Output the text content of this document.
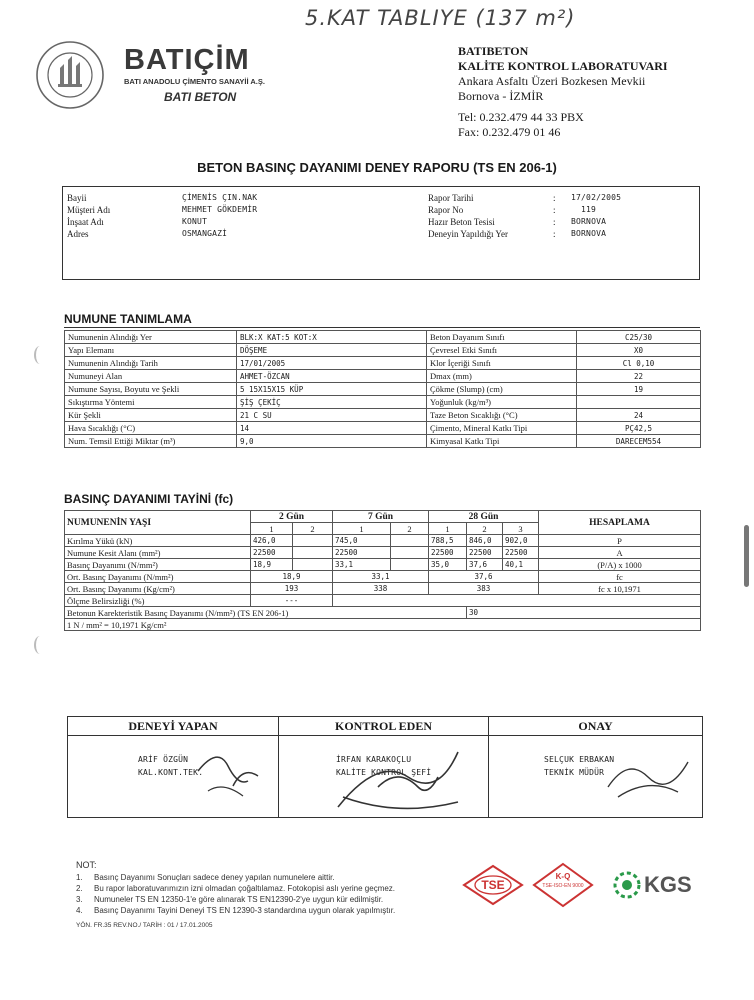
5.KAT TABLIYE (137 m²)
BATIÇİM
BATI ANADOLU ÇİMENTO SANAYİİ A.Ş.
BATI BETON
BATIBETON
KALİTE KONTROL LABORATUVARI
Ankara Asfaltı Üzeri Bozkesen Mevkii
Bornova - İZMİR
Tel: 0.232.479 44 33 PBX
Fax: 0.232.479 01 46
BETON BASINÇ DAYANIMI DENEY RAPORU (TS EN 206-1)
Bayii	ÇİMENİS ÇIN.NAK
Müşteri Adı	MEHMET GÖKDEMİR
İnşaat Adı	KONUT
Adres	OSMANGAZİ
Rapor Tarihi	:	17/02/2005
Rapor No	:	119
Hazır Beton Tesisi	:	BORNOVA
Deneyin Yapıldığı Yer	:	BORNOVA
NUMUNE TANIMLAMA
Numunenin Alındığı Yer	BLK:X KAT:5 KOT:X	Beton Dayanım Sınıfı	C25/30
Yapı Elemanı	DÖŞEME	Çevresel Etki Sınıfı	X0
Numunenin Alındığı Tarih	17/01/2005	Klor İçeriği Sınıfı	Cl 0,10
Numuneyi Alan	AHMET-ÖZCAN	Dmax (mm)	22
Numune Sayısı, Boyutu ve Şekli	5 15X15X15 KÜP	Çökme (Slump) (cm)	19
Sıkıştırma Yöntemi	ŞİŞ ÇEKİÇ	Yoğunluk (kg/m³)	
Kür Şekli	21 C SU	Taze Beton Sıcaklığı (°C)	24
Hava Sıcaklığı (°C)	14	Çimento, Mineral Katkı Tipi	PÇ42,5
Num. Temsil Ettiği Miktar (m³)	9,0	Kimyasal Katkı Tipi	DARECEM554
BASINÇ DAYANIMI TAYİNİ (fc)
NUMUNENİN YAŞI	2 Gün		7 Gün		28 Gün			HESAPLAMA
	1	2	1	2	1	2	3	
Kırılma Yükü (kN)	426,0		745,0		788,5	846,0	902,0	P
Numune Kesit Alanı (mm²)	22500		22500		22500	22500	22500	A
Basınç Dayanımı (N/mm²)	18,9		33,1		35,0	37,6	40,1	(P/A) x 1000
Ort. Basınç Dayanımı (N/mm²)	18,9		33,1		37,6			fc
Ort. Basınç Dayanımı (Kg/cm²)	193		338		383			fc x 10,1971
Ölçme Belirsizliği (%)	---							
Betonun Karekteristik Basınç Dayanımı (N/mm²) (TS EN 206-1)						30		
1 N / mm² = 10,1971 Kg/cm²								
DENEYİ YAPAN	KONTROL EDEN	ONAY
ARİF ÖZGÜN
KAL.KONT.TEK.
İRFAN KARAKOÇLU
KALİTE KONTROL ŞEFİ
SELÇUK ERBAKAN
TEKNİK MÜDÜR
NOT:
1.	Basınç Dayanımı Sonuçları sadece deney yapılan numunelere aittir.
2.	Bu rapor laboratuvarımızın izni olmadan çoğaltılamaz. Fotokopisi aslı yerine geçmez.
3.	Numuneler TS EN 12350-1'e göre alınarak TS EN12390-2'ye uygun kür edilmiştir.
4.	Basınç Dayanımı Tayini Deneyi TS EN 12390-3 standardına uygun olarak yapılmıştır.
YÖN. FR.35 REV.NO./ TARİH : 01 / 17.01.2005
TSE
K-Q
TSE-ISO-EN 9000	KGS
